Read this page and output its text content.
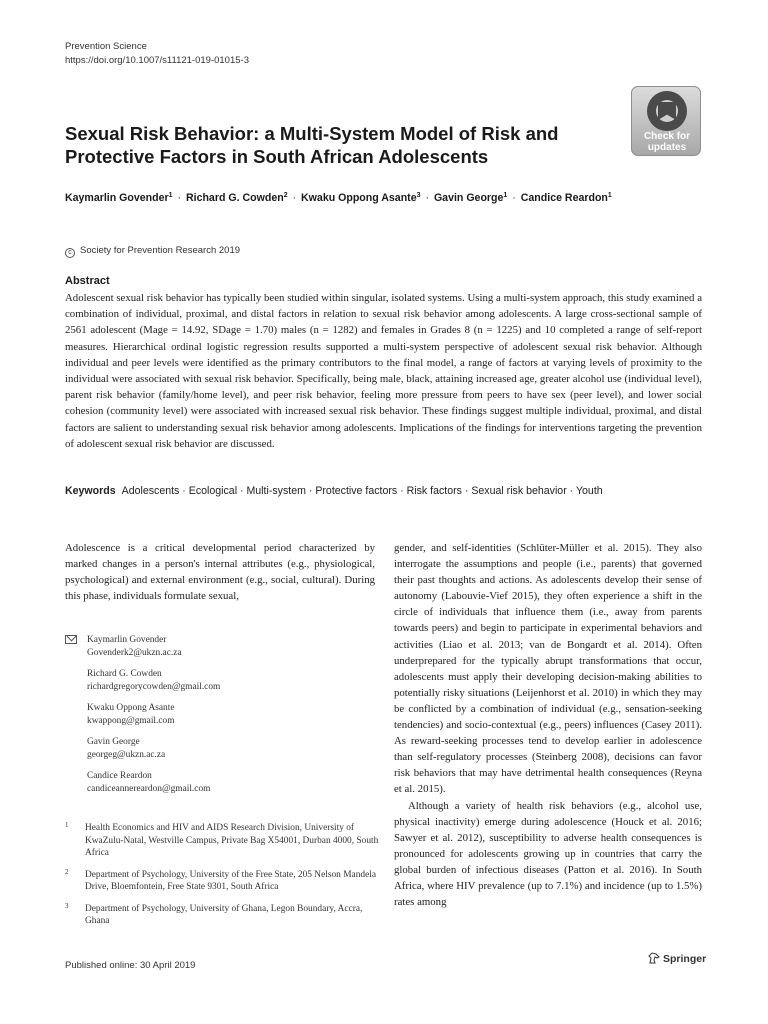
Prevention Science
https://doi.org/10.1007/s11121-019-01015-3
Sexual Risk Behavior: a Multi-System Model of Risk and Protective Factors in South African Adolescents
Check for
updates
Kaymarlin Govender$^1$ · Richard G. Cowden$^2$ · Kwaku Oppong Asante$^3$ · Gavin George$^1$ · Candice Reardon$^1$
c Society for Prevention Research 2019
Abstract
Adolescent sexual risk behavior has typically been studied within singular, isolated systems. Using a multi-system approach, this study examined a combination of individual, proximal, and distal factors in relation to sexual risk behavior among adolescents. A large cross-sectional sample of 2561 adolescent (Mage = 14.92, SDage = 1.70) males (n = 1282) and females in Grades 8 (n = 1225) and 10 completed a range of self-report measures. Hierarchical ordinal logistic regression results supported a multi-system perspective of adolescent sexual risk behavior. Although individual and peer levels were identified as the primary contributors to the final model, a range of factors at varying levels of proximity to the individual were associated with sexual risk behavior. Specifically, being male, black, attaining increased age, greater alcohol use (individual level), parent risk behavior (family/home level), and peer risk behavior, feeling more pressure from peers to have sex (peer level), and lower social cohesion (community level) were associated with increased sexual risk behavior. These findings suggest multiple individual, proximal, and distal factors are salient to understanding sexual risk behavior among adolescents. Implications of the findings for interventions targeting the prevention of adolescent sexual risk behavior are discussed.
Keywords Adolescents · Ecological · Multi-system · Protective factors · Risk factors · Sexual risk behavior · Youth
Adolescence is a critical developmental period characterized by marked changes in a person's internal attributes (e.g., physiological, psychological) and external environment (e.g., social, cultural). During this phase, individuals formulate sexual,
Kaymarlin Govender
Govenderk2@ukzn.ac.za
Richard G. Cowden
richardgregorycowden@gmail.com
Kwaku Oppong Asante
kwappong@gmail.com
Gavin George
georgeg@ukzn.ac.za
Candice Reardon
candiceannereardon@gmail.com
1 Health Economics and HIV and AIDS Research Division, University of KwaZulu-Natal, Westville Campus, Private Bag X54001, Durban 4000, South Africa
2 Department of Psychology, University of the Free State, 205 Nelson Mandela Drive, Bloemfontein, Free State 9301, South Africa
3 Department of Psychology, University of Ghana, Legon Boundary, Accra, Ghana

gender, and self-identities (Schlüter-Müller et al. 2015). They also interrogate the assumptions and people (i.e., parents) that governed their past thoughts and actions. As adolescents develop their sense of autonomy (Labouvie-Vief 2015), they often experience a shift in the circle of individuals that influence them (i.e., away from parents towards peers) and begin to participate in experimental behaviors and activities (Liao et al. 2013; van de Bongardt et al. 2014). Often underprepared for the typically abrupt transformations that occur, adolescents must apply their developing decision-making abilities to potentially risky situations (Leijenhorst et al. 2010) in which they may be conflicted by a combination of individual (e.g., sensation-seeking tendencies) and socio-contextual (e.g., peers) influences (Casey 2011). As reward-seeking processes tend to develop earlier in adolescence than self-regulatory processes (Steinberg 2008), decisions can favor risk behaviors that may have detrimental health consequences (Reyna et al. 2015).

Although a variety of health risk behaviors (e.g., alcohol use, physical inactivity) emerge during adolescence (Houck et al. 2016; Sawyer et al. 2012), susceptibility to adverse health consequences is pronounced for adolescents growing up in countries that carry the global burden of infectious diseases (Patton et al. 2016). In South Africa, where HIV prevalence (up to 7.1%) and incidence (up to 1.5%) rates among

Published online: 30 April 2019
Springer
